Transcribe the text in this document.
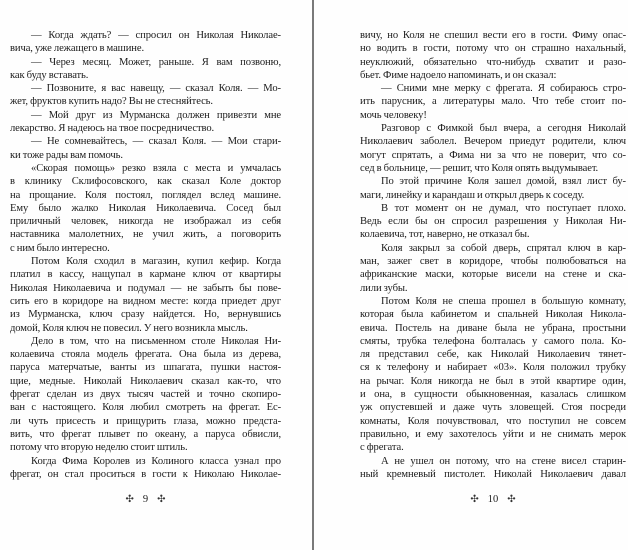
— Когда ждать? — спросил он Николая Николае-
вича, уже лежащего в машине.
— Через месяц. Может, раньше. Я вам позвоню,
как буду вставать.
— Позвоните, я вас навещу, — сказал Коля. — Мо-
жет, фруктов купить надо? Вы не стесняйтесь.
— Мой друг из Мурманска должен привезти мне
лекарство. Я надеюсь на твое посредничество.
— Не сомневайтесь, — сказал Коля. — Мои стари-
ки тоже рады вам помочь.
«Скорая помощь» резко взяла с места и умчалась
в клинику Склифосовского, как сказал Коле доктор
на прощание. Коля постоял, поглядел вслед машине.
Ему было жалко Николая Николаевича. Сосед был
приличный человек, никогда не изображал из себя
наставника малолетних, не учил жить, а поговорить
с ним было интересно.
Потом Коля сходил в магазин, купил кефир. Когда
платил в кассу, нащупал в кармане ключ от квартиры
Николая Николаевича и подумал — не забыть бы пове-
сить его в коридоре на видном месте: когда приедет друг
из Мурманска, ключ сразу найдется. Но, вернувшись
домой, Коля ключ не повесил. У него возникла мысль.
Дело в том, что на письменном столе Николая Ни-
колаевича стояла модель фрегата. Она была из дерева,
паруса матерчатые, ванты из шпагата, пушки настоя-
щие, медные. Николай Николаевич сказал как-то, что
фрегат сделан из двух тысяч частей и точно скопиро-
ван с настоящего. Коля любил смотреть на фрегат. Ес-
ли чуть присесть и прищурить глаза, можно предста-
вить, что фрегат плывет по океану, а паруса обвисли,
потому что вторую неделю стоит штиль.
Когда Фима Королев из Колиного класса узнал про
фрегат, он стал проситься в гости к Николаю Николае-
✣ 9 ✣
вичу, но Коля не спешил вести его в гости. Фиму опас-
но водить в гости, потому что он страшно нахальный,
неуклюжий, обязательно что-нибудь схватит и разо-
бьет. Фиме надоело напоминать, и он сказал:
— Сними мне мерку с фрегата. Я собираюсь стро-
ить парусник, а литературы мало. Что тебе стоит по-
мочь человеку!
Разговор с Фимкой был вчера, а сегодня Николай
Николаевич заболел. Вечером приедут родители, ключ
могут спрятать, а Фима ни за что не поверит, что со-
сед в больнице, — решит, что Коля опять выдумывает.
По этой причине Коля зашел домой, взял лист бу-
маги, линейку и карандаш и открыл дверь к соседу.
В тот момент он не думал, что поступает плохо.
Ведь если бы он спросил разрешения у Николая Ни-
колаевича, тот, наверно, не отказал бы.
Коля закрыл за собой дверь, спрятал ключ в кар-
ман, зажег свет в коридоре, чтобы полюбоваться на
африканские маски, которые висели на стене и ска-
лили зубы.
Потом Коля не спеша прошел в большую комнату,
которая была кабинетом и спальней Николая Никола-
евича. Постель на диване была не убрана, простыни
смяты, трубка телефона болталась у самого пола. Ко-
ля представил себе, как Николай Николаевич тянет-
ся к телефону и набирает «03». Коля положил трубку
на рычаг. Коля никогда не был в этой квартире один,
и она, в сущности обыкновенная, казалась слишком
уж опустевшей и даже чуть зловещей. Стоя посреди
комнаты, Коля почувствовал, что поступил не совсем
правильно, и ему захотелось уйти и не снимать мерок
с фрегата.
А не ушел он потому, что на стене висел старин-
ный кремневый пистолет. Николай Николаевич давал
✣ 10 ✣
